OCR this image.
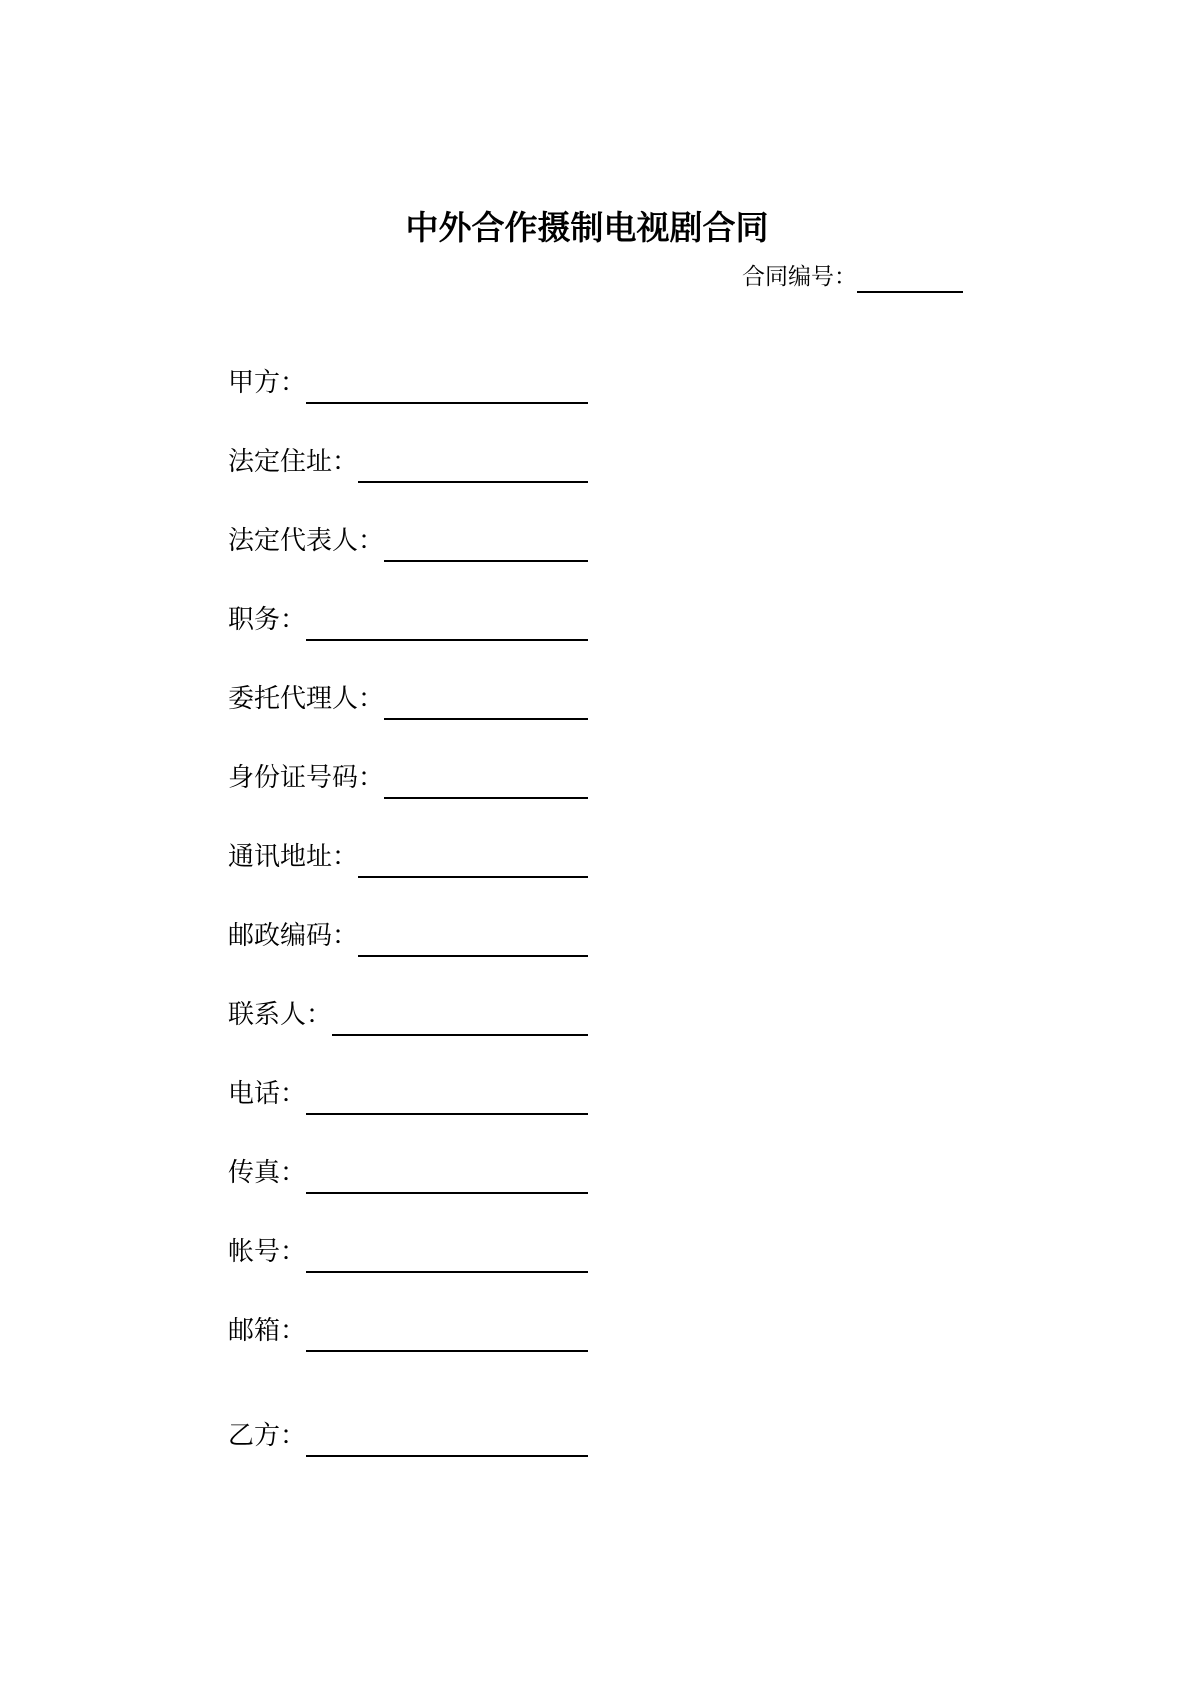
中外合作摄制电视剧合同
合同编号：
甲方：
法定住址：
法定代表人：
职务：
委托代理人：
身份证号码：
通讯地址：
邮政编码：
联系人：
电话：
传真：
帐号：
邮箱：
乙方：
